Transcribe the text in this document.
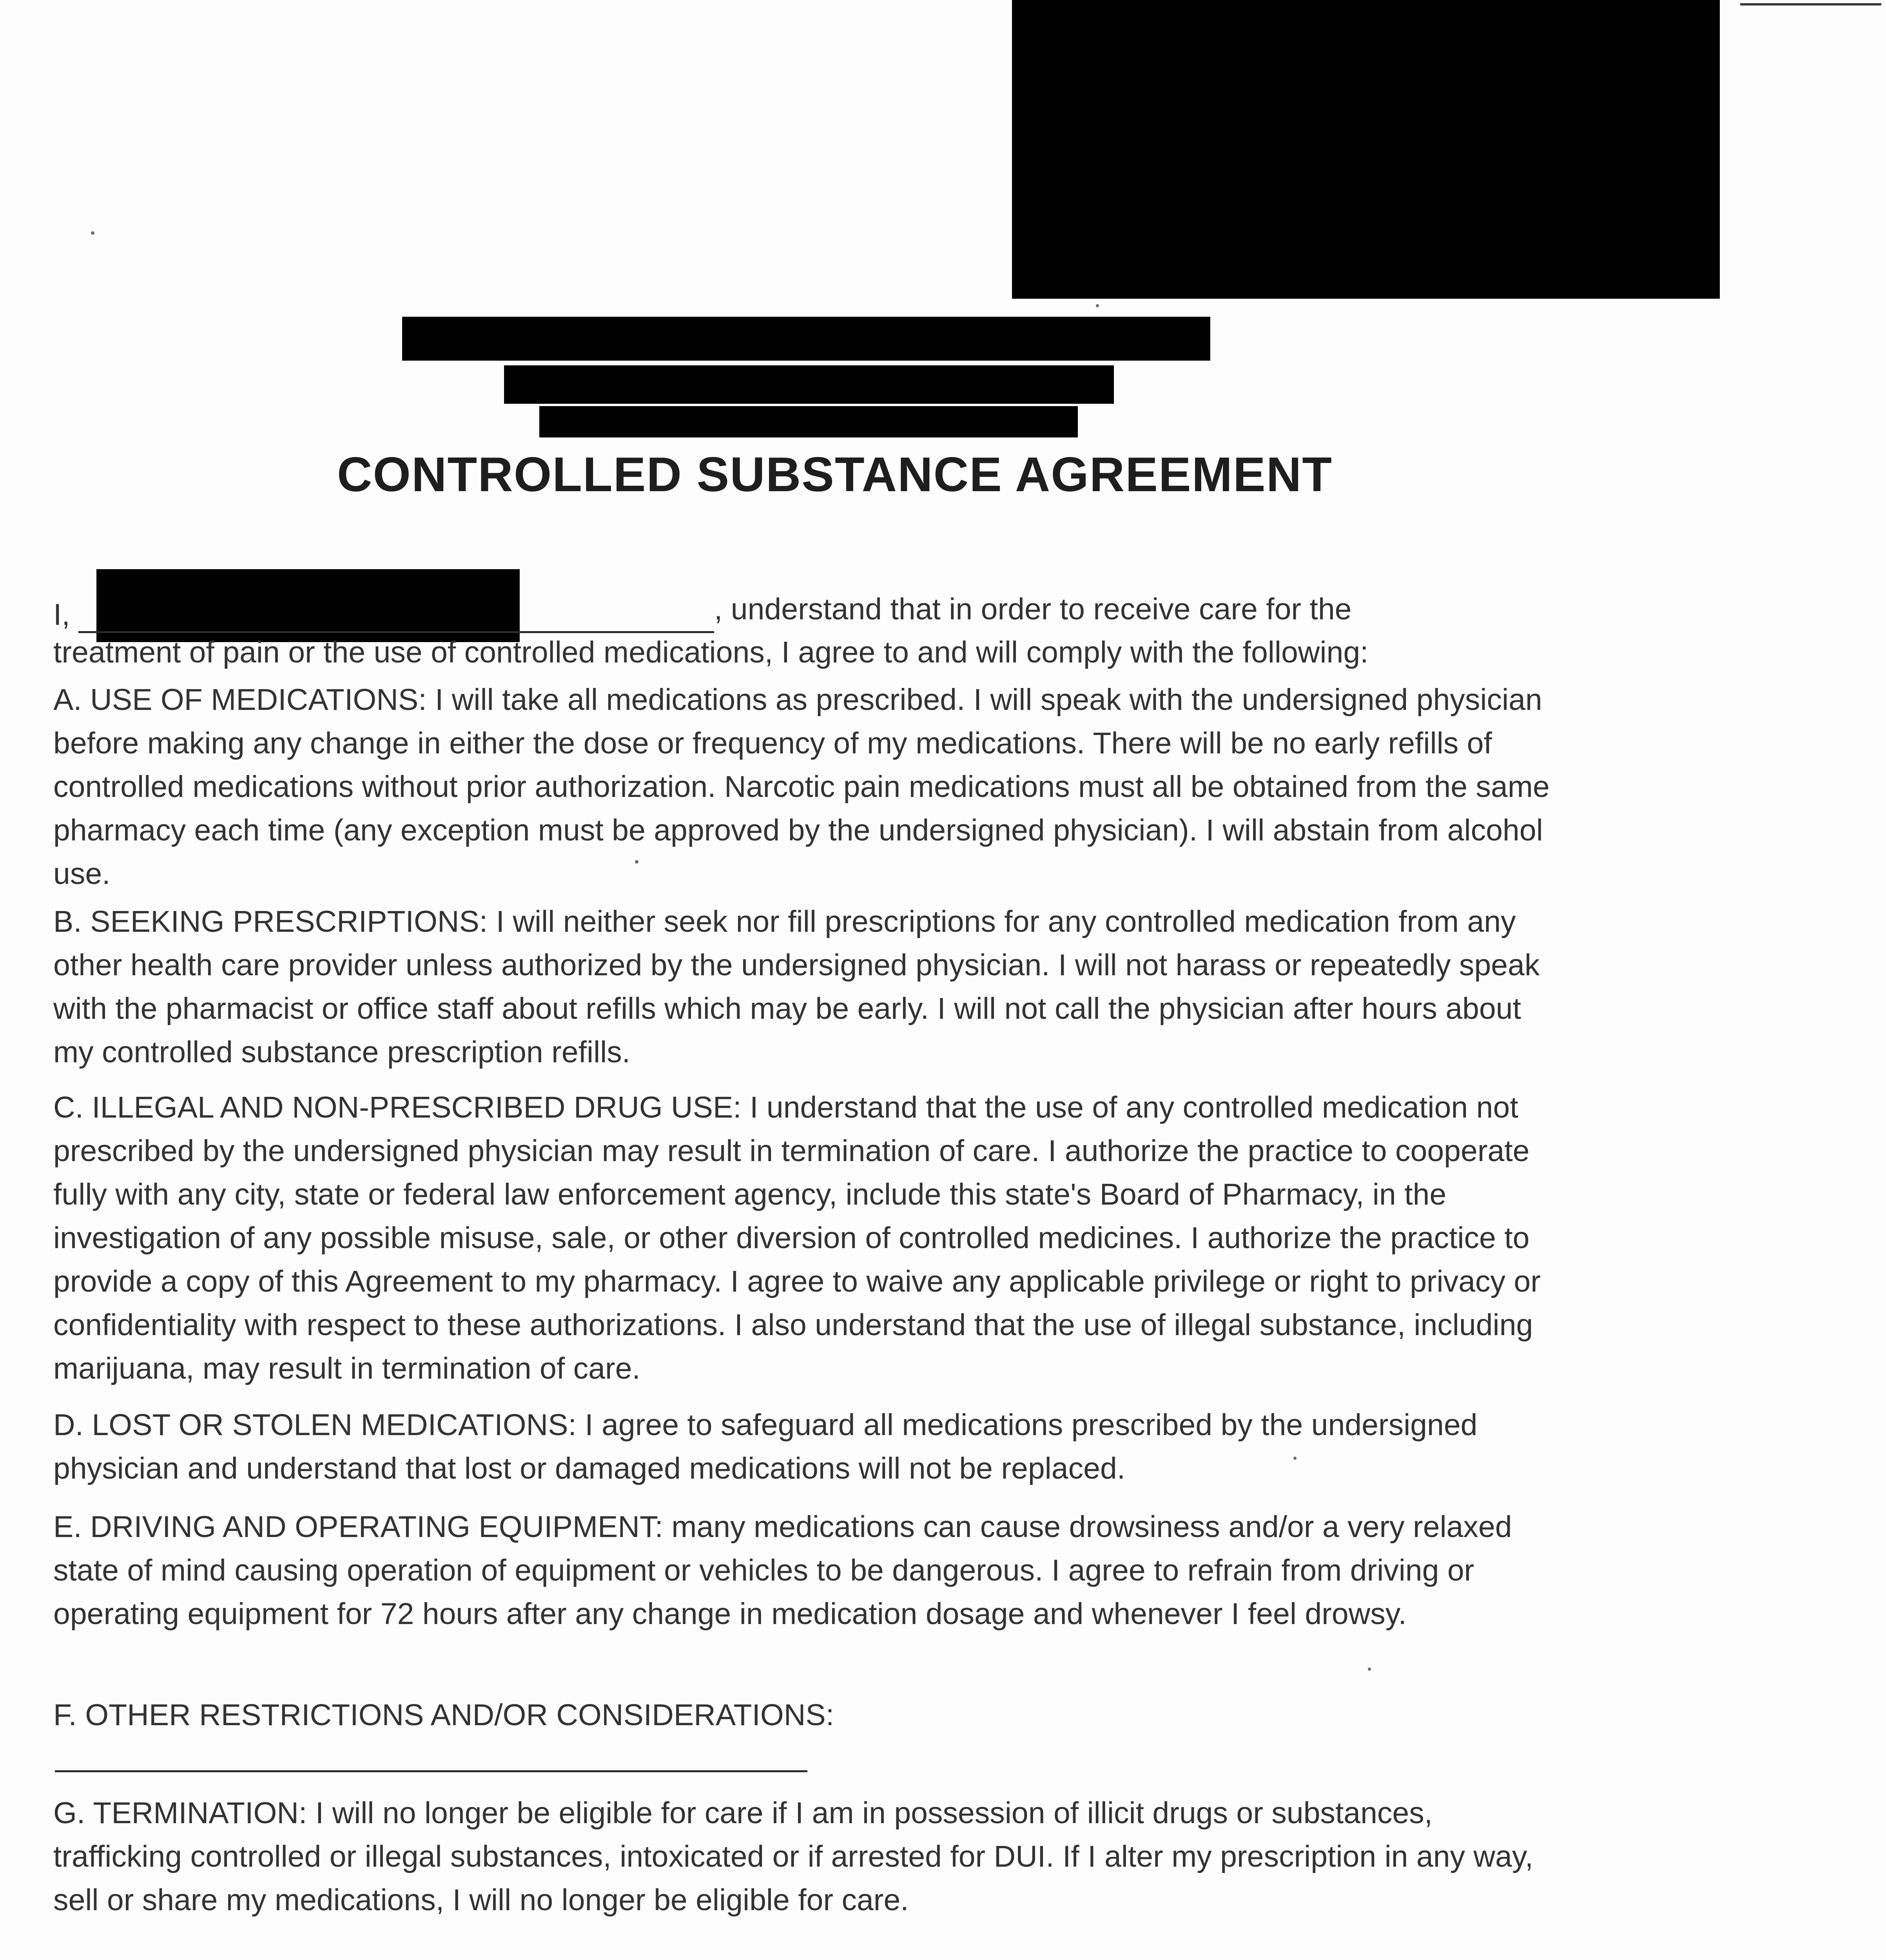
CONTROLLED SUBSTANCE AGREEMENT
I,	, understand that in order to receive care for the
treatment of pain or the use of controlled medications, I agree to and will comply with the following:
A. USE OF MEDICATIONS: I will take all medications as prescribed. I will speak with the undersigned physician before making any change in either the dose or frequency of my medications. There will be no early refills of controlled medications without prior authorization. Narcotic pain medications must all be obtained from the same pharmacy each time (any exception must be approved by the undersigned physician). I will abstain from alcohol use.
B. SEEKING PRESCRIPTIONS: I will neither seek nor fill prescriptions for any controlled medication from any other health care provider unless authorized by the undersigned physician. I will not harass or repeatedly speak with the pharmacist or office staff about refills which may be early. I will not call the physician after hours about my controlled substance prescription refills.
C. ILLEGAL AND NON-PRESCRIBED DRUG USE: I understand that the use of any controlled medication not prescribed by the undersigned physician may result in termination of care. I authorize the practice to cooperate fully with any city, state or federal law enforcement agency, include this state's Board of Pharmacy, in the investigation of any possible misuse, sale, or other diversion of controlled medicines. I authorize the practice to provide a copy of this Agreement to my pharmacy. I agree to waive any applicable privilege or right to privacy or confidentiality with respect to these authorizations. I also understand that the use of illegal substance, including marijuana, may result in termination of care.
D. LOST OR STOLEN MEDICATIONS: I agree to safeguard all medications prescribed by the undersigned physician and understand that lost or damaged medications will not be replaced.
E. DRIVING AND OPERATING EQUIPMENT: many medications can cause drowsiness and/or a very relaxed state of mind causing operation of equipment or vehicles to be dangerous. I agree to refrain from driving or operating equipment for 72 hours after any change in medication dosage and whenever I feel drowsy.
F. OTHER RESTRICTIONS AND/OR CONSIDERATIONS:
G. TERMINATION: I will no longer be eligible for care if I am in possession of illicit drugs or substances, trafficking controlled or illegal substances, intoxicated or if arrested for DUI. If I alter my prescription in any way, sell or share my medications, I will no longer be eligible for care.
